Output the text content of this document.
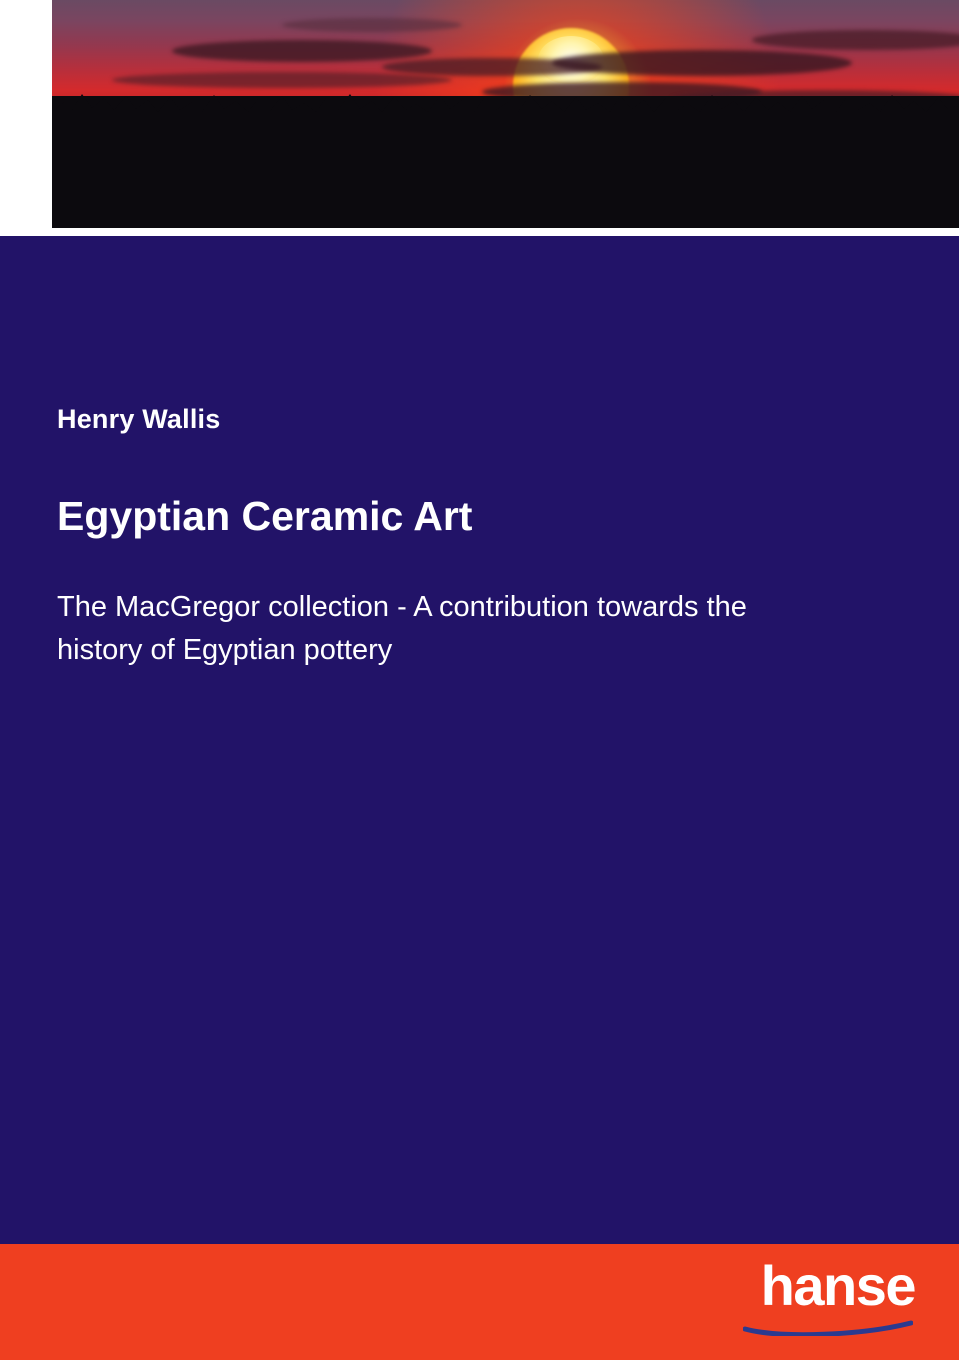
Henry Wallis
Egyptian Ceramic Art
The MacGregor collection - A contribution towards the history of Egyptian pottery
hanse
